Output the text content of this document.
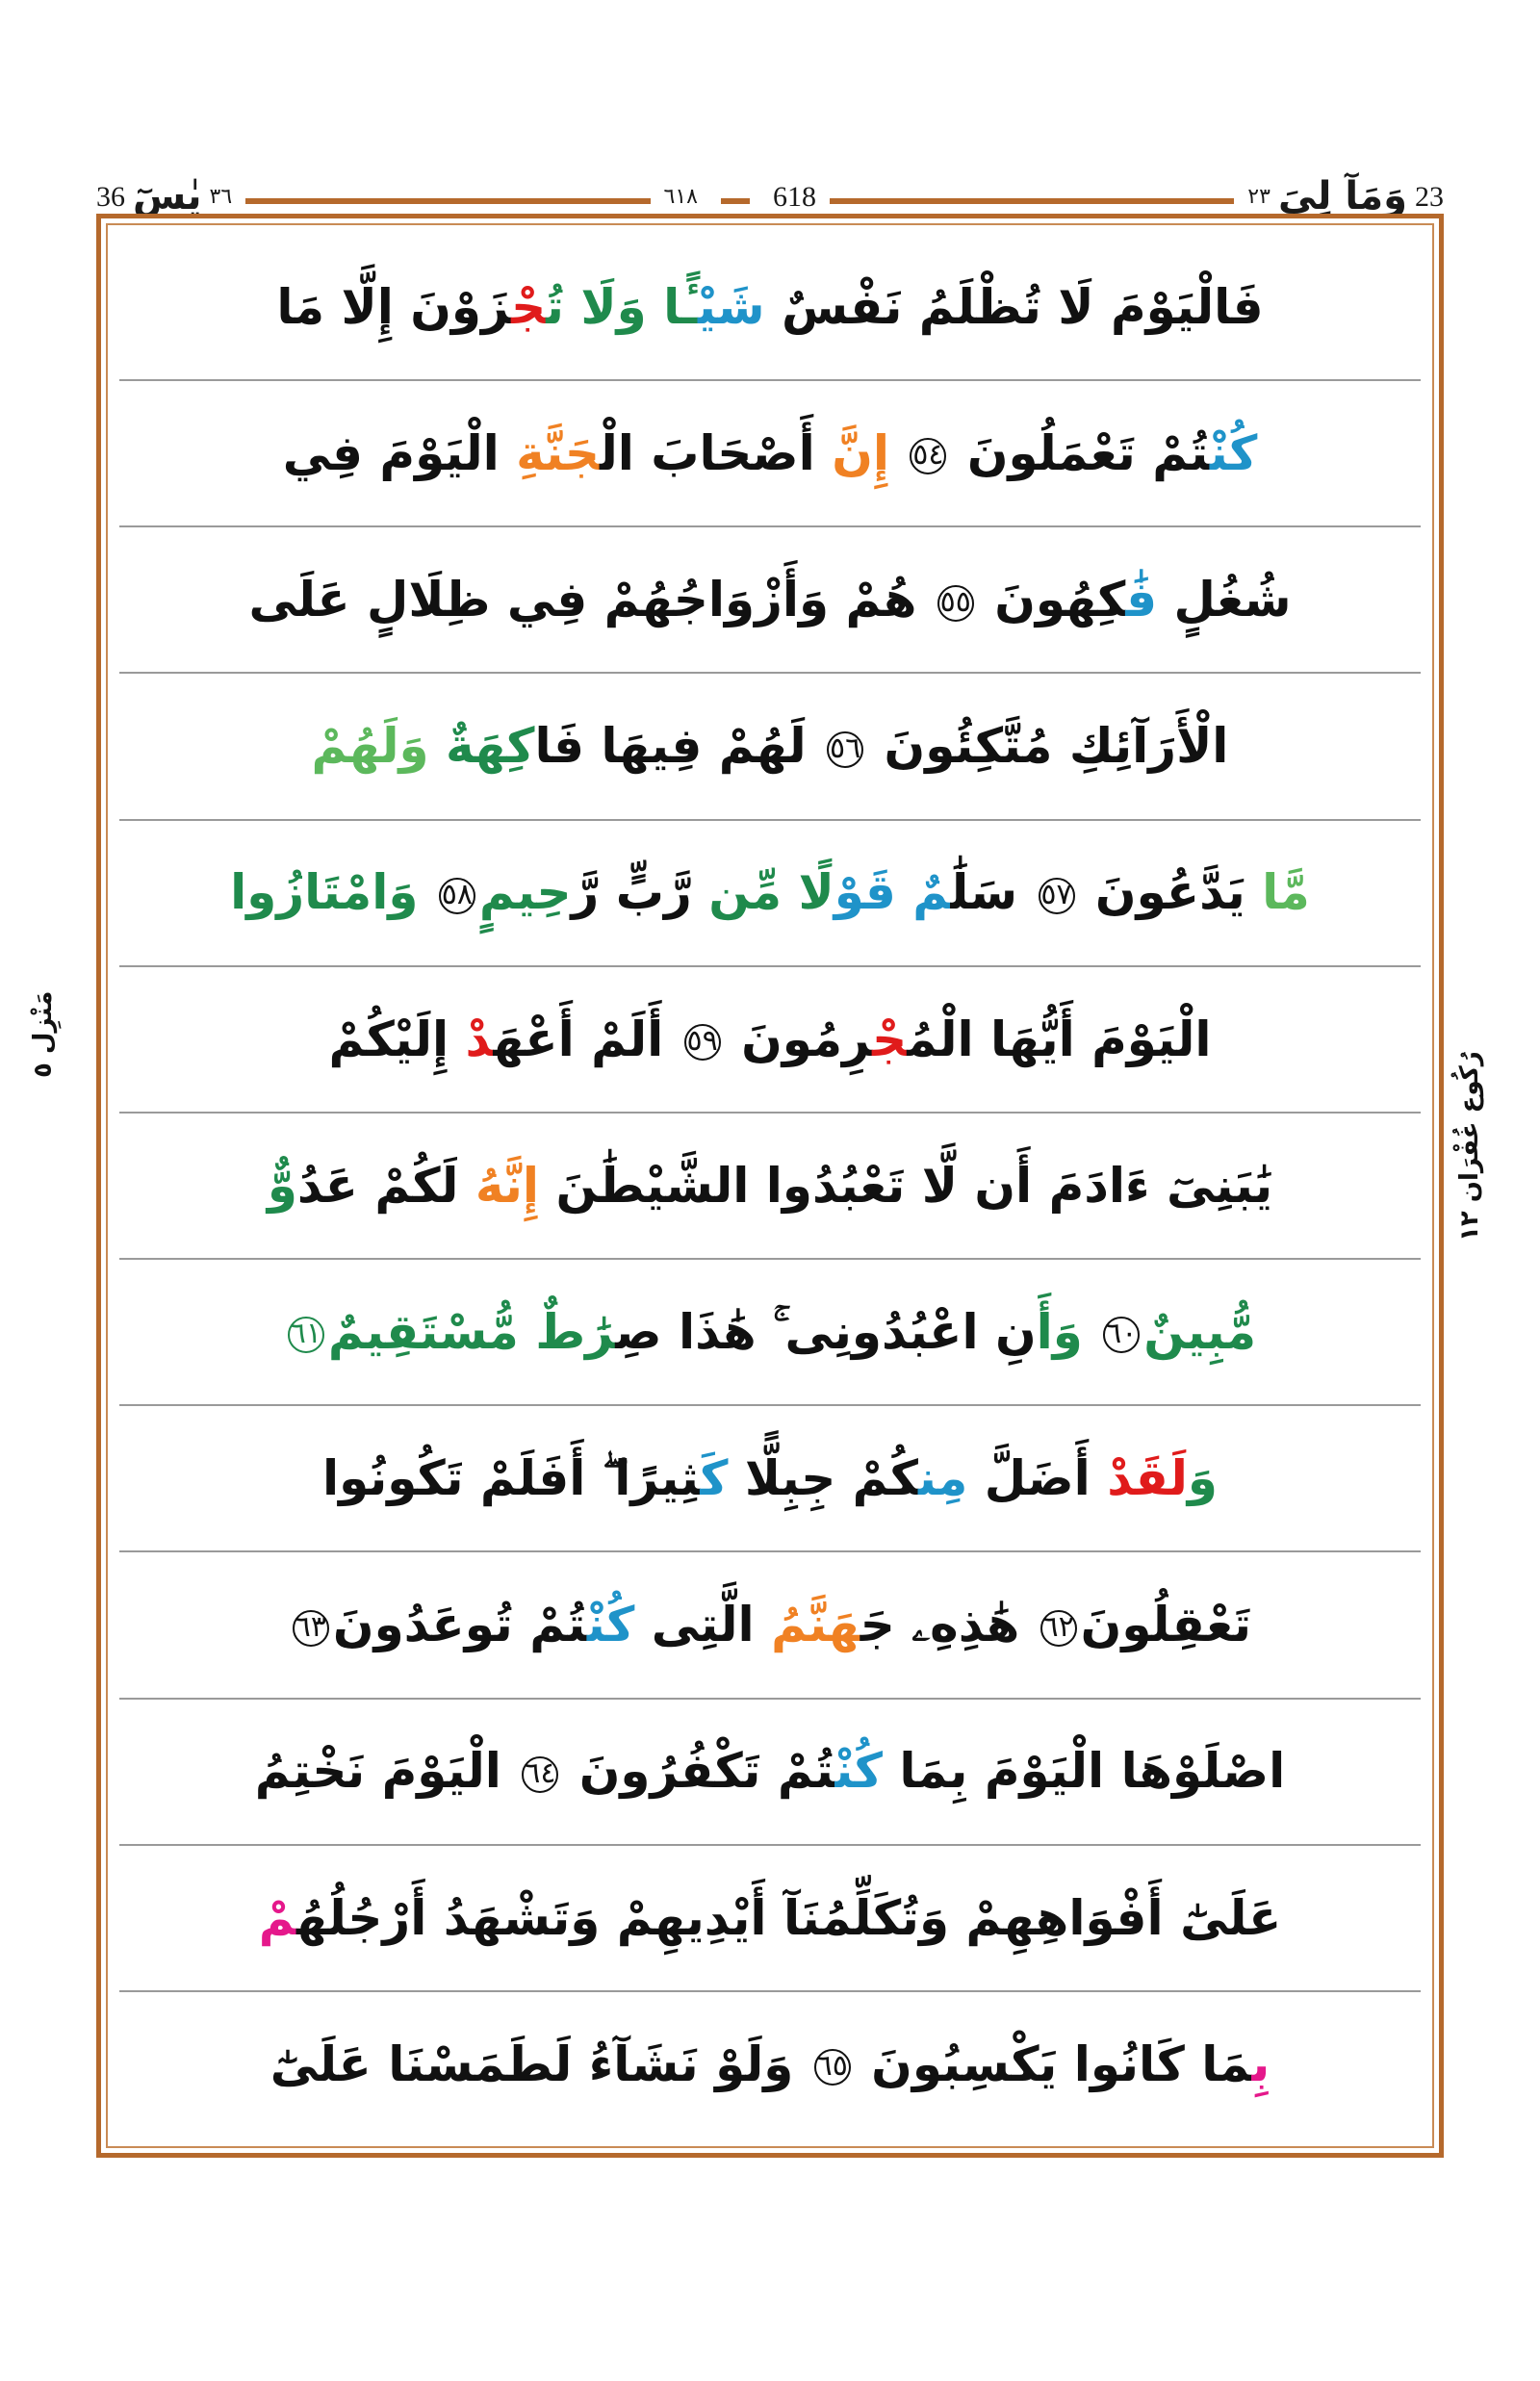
23
وَمَآ لِيَ
٢٣
618
٦١٨
٣٦
يٰسٓ
36
فَالْيَوْمَ لَا تُظْلَمُ نَفْسٌ شَيْـًٔا وَلَا تُجْزَوْنَ إِلَّا مَا
كُنْتُمْ تَعْمَلُونَ ٥٤ إِنَّ أَصْحَابَ الْجَنَّةِ الْيَوْمَ فِي
شُغُلٍ فَٰكِهُونَ ٥٥ هُمْ وَأَزْوَاجُهُمْ فِي ظِلَالٍ عَلَى
الْأَرَآئِكِ مُتَّكِئُونَ ٥٦ لَهُمْ فِيهَا فَاكِهَةٌ وَلَهُمْ
مَّا يَدَّعُونَ ٥٧ سَلَٰمٌ قَوْلًا مِّن رَّبٍّ رَّحِيمٍ٥٨ وَامْتَازُوا
الْيَوْمَ أَيُّهَا الْمُجْرِمُونَ ٥٩ أَلَمْ أَعْهَدْ إِلَيْكُمْ
يَٰبَنِىٓ ءَادَمَ أَن لَّا تَعْبُدُوا الشَّيْطَٰنَ إِنَّهُ لَكُمْ عَدُوٌّ
مُّبِينٌ٦٠ وَأَنِ اعْبُدُونِى ۚ هَٰذَا صِرَٰطٌ مُّسْتَقِيمٌ٦١
وَلَقَدْ أَضَلَّ مِنكُمْ جِبِلًّا كَثِيرًا ۖ أَفَلَمْ تَكُونُوا
تَعْقِلُونَ٦٢ هَٰذِهِۦ جَهَنَّمُ الَّتِى كُنْتُمْ تُوعَدُونَ٦٣
اصْلَوْهَا الْيَوْمَ بِمَا كُنْتُمْ تَكْفُرُونَ ٦٤ الْيَوْمَ نَخْتِمُ
عَلَىٰٓ أَفْوَاهِهِمْ وَتُكَلِّمُنَآ أَيْدِيهِمْ وَتَشْهَدُ أَرْجُلُهُمْ
بِمَا كَانُوا يَكْسِبُونَ ٦٥ وَلَوْ نَشَآءُ لَطَمَسْنَا عَلَىٰٓ
مَنْزِل ٥
رُكُوع غُفْرَان ١٢
